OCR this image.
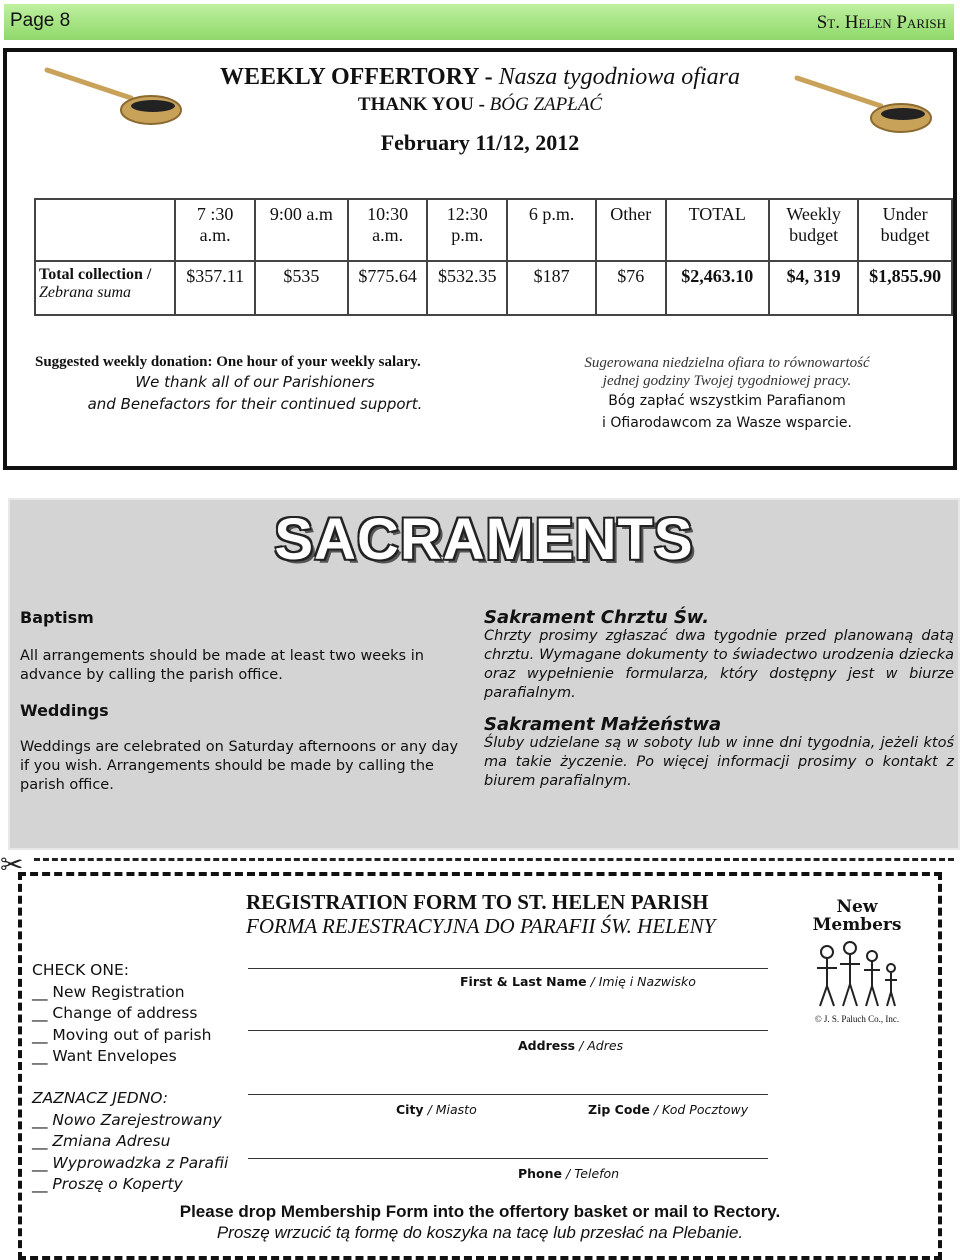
Page 8	St. Helen Parish
WEEKLY OFFERTORY - Nasza tygodniowa ofiara
THANK YOU - BÓG ZAPŁAĆ
February 11/12, 2012
	7 :30 a.m.	9:00 a.m	10:30 a.m.	12:30 p.m.	6 p.m.	Other	TOTAL	Weekly budget	Under budget
Total collection /
Zebrana suma	$357.11	$535	$775.64	$532.35	$187	$76	$2,463.10	$4, 319	$1,855.90
Suggested weekly donation: One hour of your weekly salary.
We thank all of our Parishioners
and Benefactors for their continued support.
Sugerowana niedzielna ofiara to równowartość
jednej godziny Twojej tygodniowej pracy.
Bóg zapłać wszystkim Parafianom
i Ofiarodawcom za Wasze wsparcie.
SACRAMENTS
Baptism

All arrangements should be made at least two weeks in advance by calling the parish office.

Weddings

Weddings are celebrated on Saturday afternoons or any day if you wish. Arrangements should be made by calling the parish office.

Sakrament Chrztu Św.

Chrzty prosimy zgłaszać dwa tygodnie przed planowaną datą chrztu. Wymagane dokumenty to świadectwo urodzenia dziecka oraz wypełnienie formularza, który dostępny jest w biurze parafialnym.

Sakrament Małżeństwa

Śluby udzielane są w soboty lub w inne dni tygodnia, jeżeli ktoś ma takie życzenie. Po więcej informacji prosimy o kontakt z biurem parafialnym.

✂
REGISTRATION FORM TO ST. HELEN PARISH
FORMA REJESTRACYJNA DO PARAFII ŚW. HELENY
CHECK ONE:
__ New Registration
__ Change of address
__ Moving out of parish
__ Want Envelopes
ZAZNACZ JEDNO:
__ Nowo Zarejestrowany
__ Zmiana Adresu
__ Wyprowadzka z Parafii
__ Proszę o Koperty
First & Last Name / Imię i Nazwisko
Address / Adres
City / Miasto	Zip Code / Kod Pocztowy
Phone / Telefon
New
Members
© J. S. Paluch Co., Inc.
Please drop Membership Form into the offertory basket or mail to Rectory.
Proszę wrzucić tą formę do koszyka na tacę lub przesłać na Plebanie.
